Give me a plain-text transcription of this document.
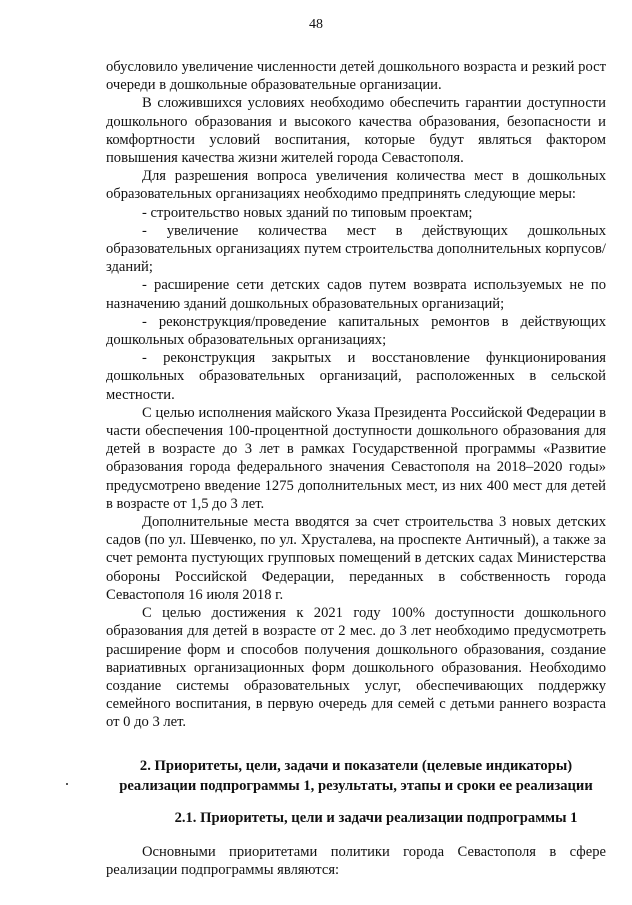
48

обусловило увеличение численности детей дошкольного возраста и резкий рост очереди в дошкольные образовательные организации.

В сложившихся условиях необходимо обеспечить гарантии доступности дошкольного образования и высокого качества образования, безопасности и комфортности условий воспитания, которые будут являться фактором повышения качества жизни жителей города Севастополя.

Для разрешения вопроса увеличения количества мест в дошкольных образовательных организациях необходимо предпринять следующие меры:

- строительство новых зданий по типовым проектам;

- увеличение количества мест в действующих дошкольных образовательных организациях путем строительства дополнительных корпусов/зданий;

- расширение сети детских садов путем возврата используемых не по назначению зданий дошкольных образовательных организаций;

- реконструкция/проведение капитальных ремонтов в действующих дошкольных образовательных организациях;

- реконструкция закрытых и восстановление функционирования дошкольных образовательных организаций, расположенных в сельской местности.

С целью исполнения майского Указа Президента Российской Федерации в части обеспечения 100-процентной доступности дошкольного образования для детей в возрасте до 3 лет в рамках Государственной программы «Развитие образования города федерального значения Севастополя на 2018–2020 годы» предусмотрено введение 1275 дополнительных мест, из них 400 мест для детей в возрасте от 1,5 до 3 лет.

Дополнительные места вводятся за счет строительства 3 новых детских садов (по ул. Шевченко, по ул. Хрусталева, на проспекте Античный), а также за счет ремонта пустующих групповых помещений в детских садах Министерства обороны Российской Федерации, переданных в собственность города Севастополя 16 июля 2018 г.

С целью достижения к 2021 году 100% доступности дошкольного образования для детей в возрасте от 2 мес. до 3 лет необходимо предусмотреть расширение форм и способов получения дошкольного образования, создание вариативных организационных форм дошкольного образования. Необходимо создание системы образовательных услуг, обеспечивающих поддержку семейного воспитания, в первую очередь для семей с детьми раннего возраста от 0 до 3 лет.

2. Приоритеты, цели, задачи и показатели (целевые индикаторы) реализации подпрограммы 1, результаты, этапы и сроки ее реализации
2.1. Приоритеты, цели и задачи реализации подпрограммы 1

Основными приоритетами политики города Севастополя в сфере реализации подпрограммы являются:
